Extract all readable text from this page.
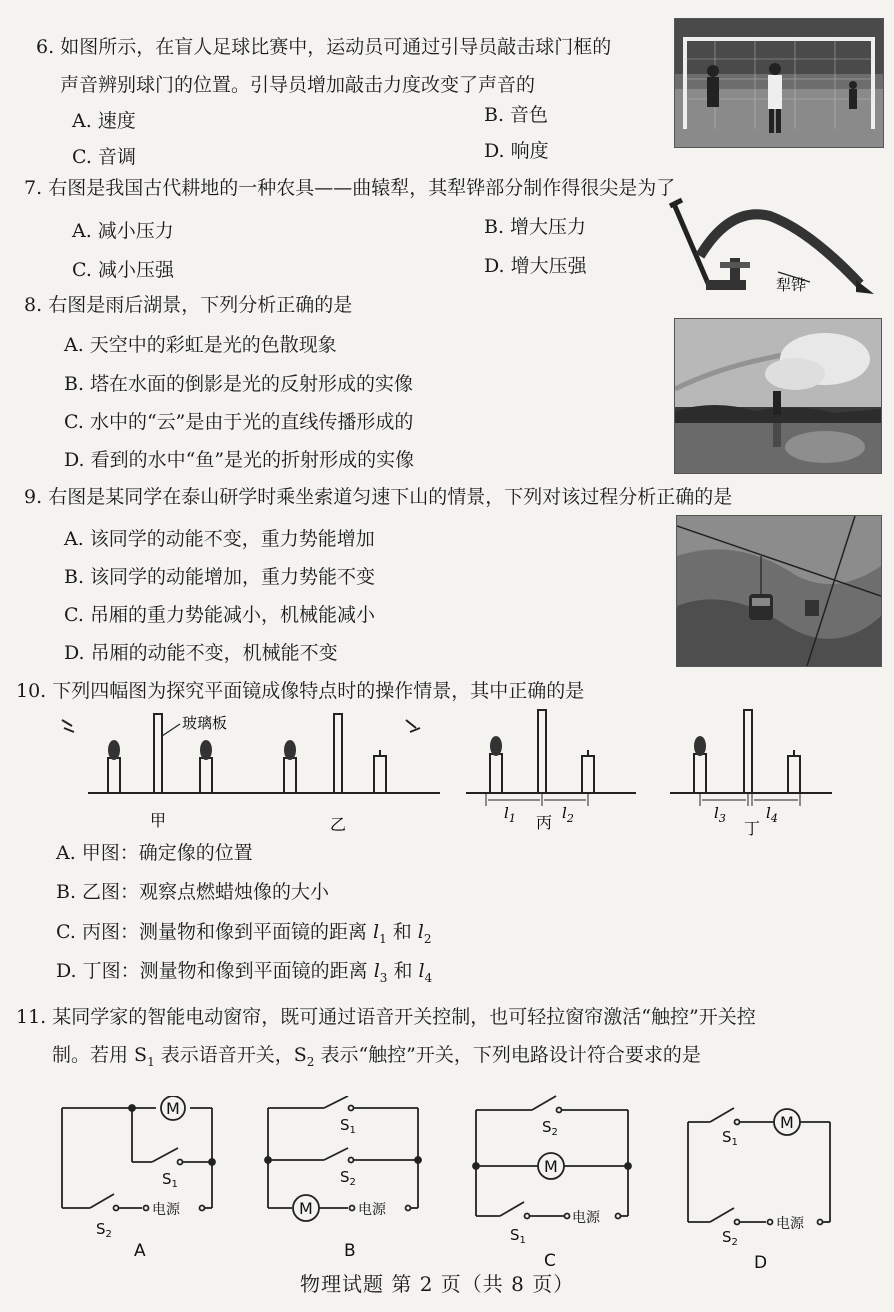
6. 如图所示，在盲人足球比赛中，运动员可通过引导员敲击球门框的
声音辨别球门的位置。引导员增加敲击力度改变了声音的
A. 速度	B. 音色
C. 音调	D. 响度
7. 右图是我国古代耕地的一种农具——曲辕犁，其犁铧部分制作得很尖是为了
A. 减小压力	B. 增大压力
C. 减小压强	D. 增大压强
犁铧
8. 右图是雨后湖景，下列分析正确的是
A. 天空中的彩虹是光的色散现象
B. 塔在水面的倒影是光的反射形成的实像
C. 水中的“云”是由于光的直线传播形成的
D. 看到的水中“鱼”是光的折射形成的实像
9. 右图是某同学在泰山研学时乘坐索道匀速下山的情景，下列对该过程分析正确的是
A. 该同学的动能不变，重力势能增加
B. 该同学的动能增加，重力势能不变
C. 吊厢的重力势能减小，机械能减小
D. 吊厢的动能不变，机械能不变
10. 下列四幅图为探究平面镜成像特点时的操作情景，其中正确的是
玻璃板
甲	乙
$l_1$ 丙 $l_2$	$l_3$
丁
$l_4$
A. 甲图：确定像的位置
B. 乙图：观察点燃蜡烛像的大小
C. 丙图：测量物和像到平面镜的距离 $l_1$ 和 $l_2$
D. 丁图：测量物和像到平面镜的距离 $l_3$ 和 $l_4$
11. 某同学家的智能电动窗帘，既可通过语音开关控制，也可轻拉窗帘激活“触控”开关控
制。若用 $S_1$ 表示语音开关，$S_2$ 表示“触控”开关，下列电路设计符合要求的是
M
$S_1$
$S_2$
电源
A
$S_1$
$S_2$
M	电源
B
$S_2$
M
$S_1$
电源
C
$S_1$
M
$S_2$
电源
D
物理试题 第 2 页（共 8 页）
